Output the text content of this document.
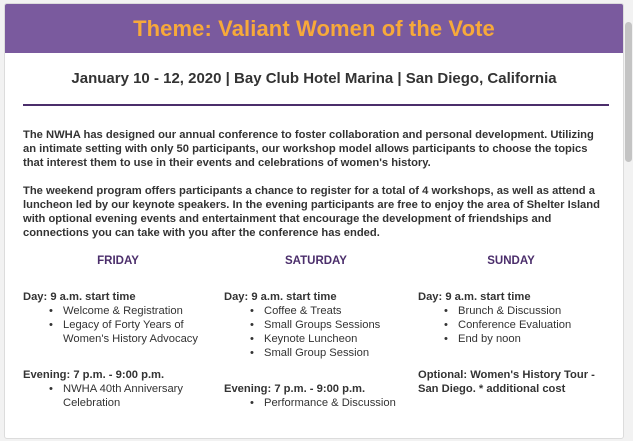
Theme: Valiant Women of the Vote
January 10 - 12, 2020 | Bay Club Hotel Marina | San Diego, California

The NWHA has designed our annual conference to foster collaboration and personal development. Utilizing an intimate setting with only 50 participants, our workshop model allows participants to choose the topics that interest them to use in their events and celebrations of women's history.

The weekend program offers participants a chance to register for a total of 4 workshops, as well as attend a luncheon led by our keynote speakers. In the evening participants are free to enjoy the area of Shelter Island with optional evening events and entertainment that encourage the development of friendships and connections you can take with you after the conference has ended.

FRIDAY
Day: 9 a.m. start time
• Welcome & Registration
• Legacy of Forty Years of Women's History Advocacy
Evening: 7 p.m. - 9:00 p.m.
• NWHA 40th Anniversary Celebration
SATURDAY
Day: 9 a.m. start time
• Coffee & Treats
• Small Groups Sessions
• Keynote Luncheon
• Small Group Session
Evening: 7 p.m. - 9:00 p.m.
• Performance & Discussion
SUNDAY
Day: 9 a.m. start time
• Brunch & Discussion
• Conference Evaluation
• End by noon
Optional: Women's History Tour - San Diego. * additional cost
